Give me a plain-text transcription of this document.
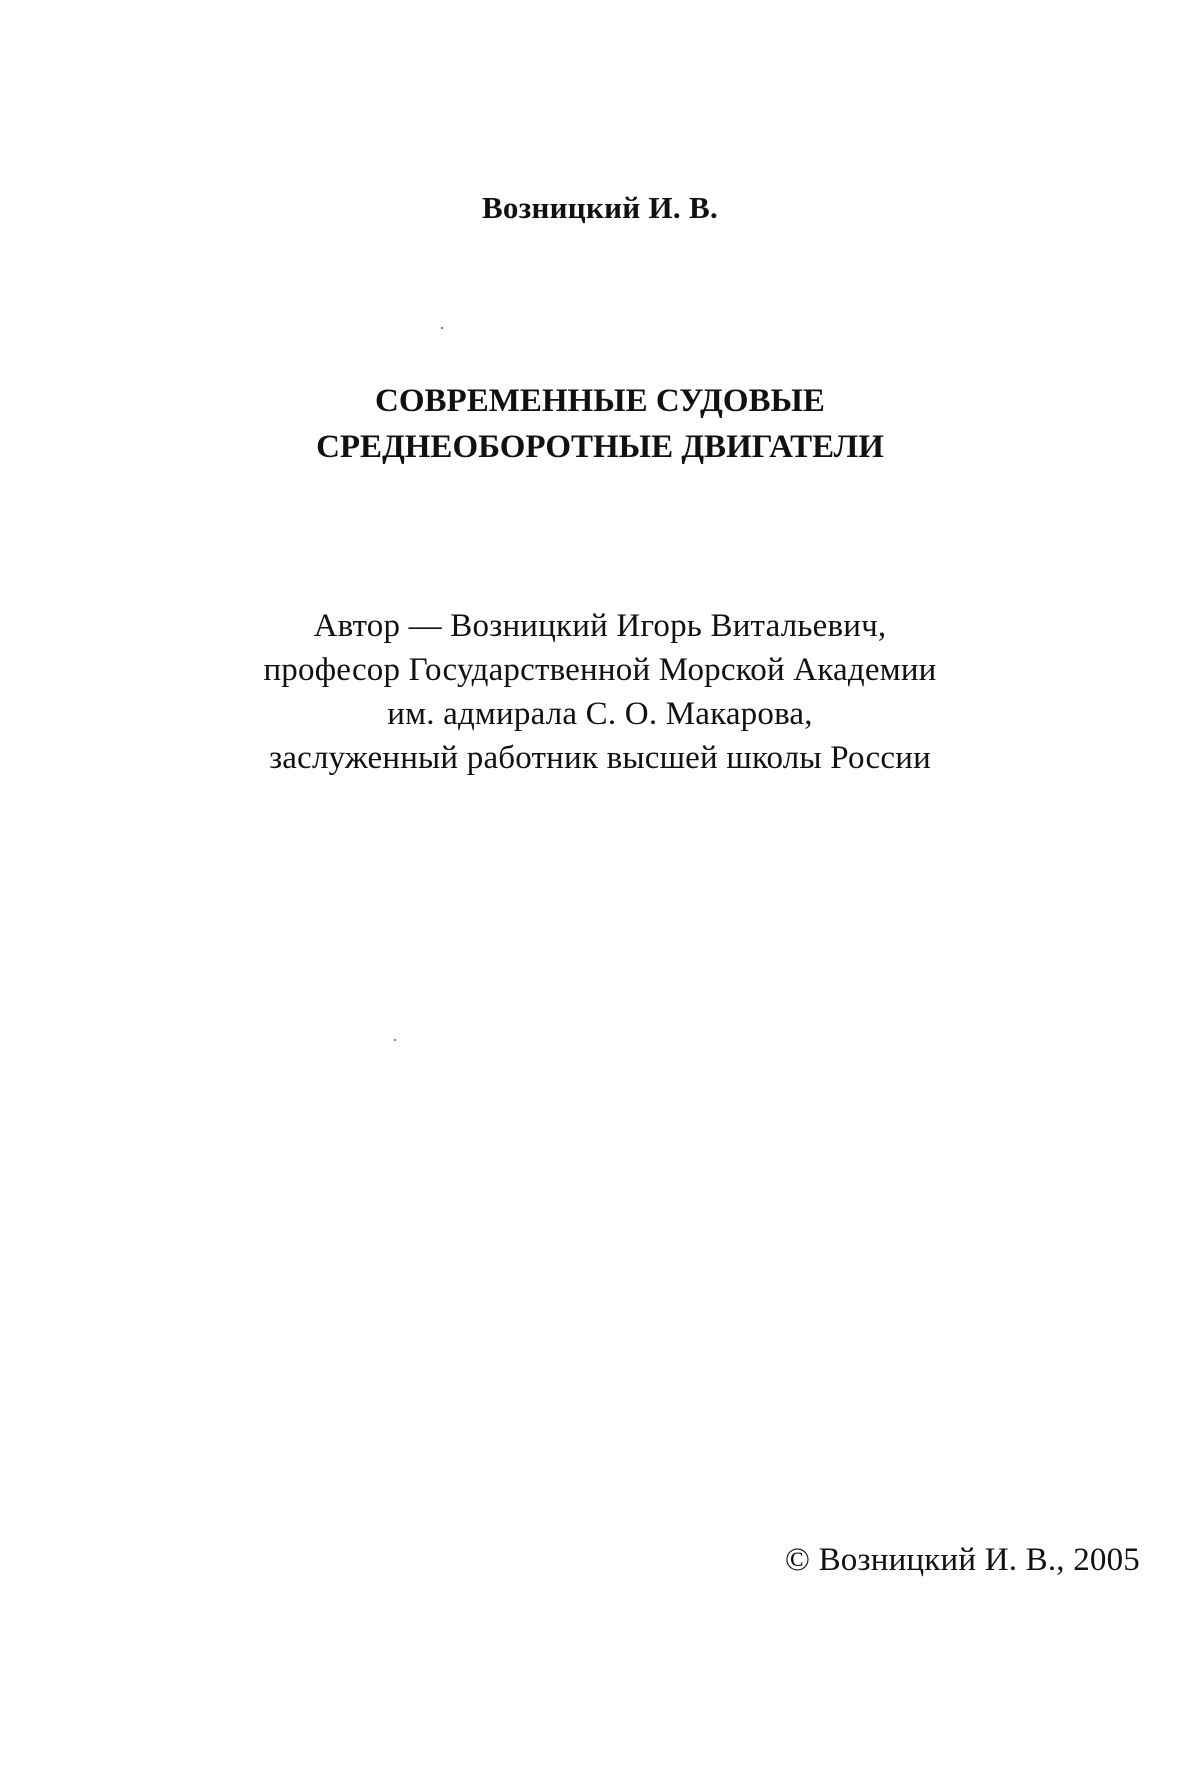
Возницкий И. В.
СОВРЕМЕННЫЕ СУДОВЫЕ
СРЕДНЕОБОРОТНЫЕ ДВИГАТЕЛИ
Автор — Возницкий Игорь Витальевич,
професор Государственной Морской Академии
им. адмирала С. О. Макарова,
заслуженный работник высшей школы России
© Возницкий И. В., 2005
